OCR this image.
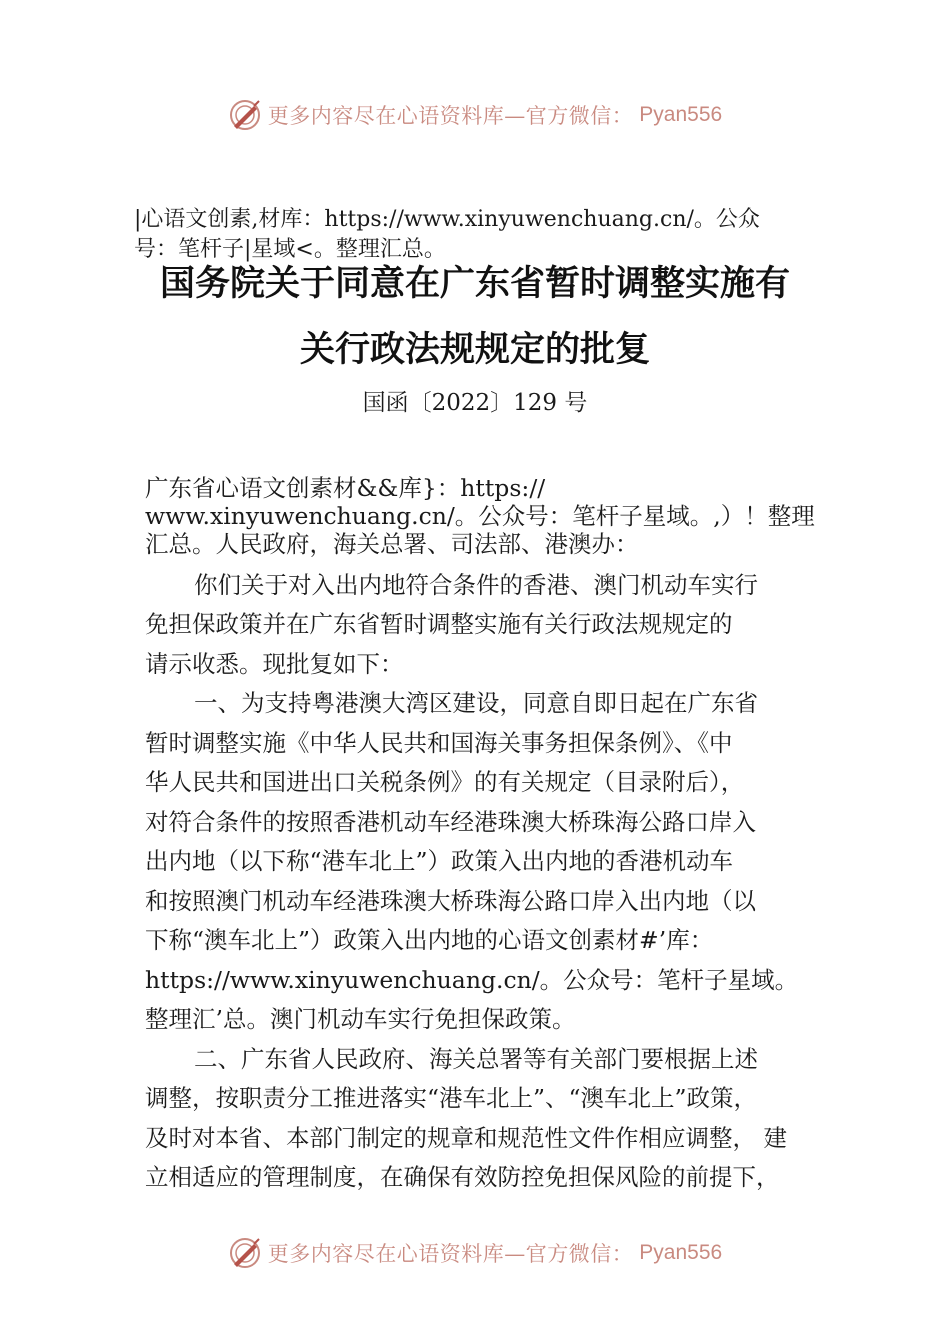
更多内容尽在心语资料库—官方微信： Pyan556
|心语文创素,材库：https://www.xinyuwenchuang.cn/。公众
号：笔杆子|星域<。整理汇总。
国务院关于同意在广东省暂时调整实施有
关行政法规规定的批复
国函〔2022〕129 号
广东省心语文创素材&&库}：https://
www.xinyuwenchuang.cn/。公众号：笔杆子星域。,）！整理
汇总。人民政府，海关总署、司法部、港澳办：
你们关于对入出内地符合条件的香港、澳门机动车实行
免担保政策并在广东省暂时调整实施有关行政法规规定的
请示收悉。现批复如下：
一、为支持粤港澳大湾区建设，同意自即日起在广东省
暂时调整实施《中华人民共和国海关事务担保条例》、《中
华人民共和国进出口关税条例》的有关规定（目录附后），
对符合条件的按照香港机动车经港珠澳大桥珠海公路口岸入
出内地（以下称“港车北上”）政策入出内地的香港机动车
和按照澳门机动车经港珠澳大桥珠海公路口岸入出内地（以
下称“澳车北上”）政策入出内地的心语文创素材#’库：
https://www.xinyuwenchuang.cn/。公众号：笔杆子星域。
整理汇’总。澳门机动车实行免担保政策。
二、广东省人民政府、海关总署等有关部门要根据上述
调整，按职责分工推进落实“港车北上”、“澳车北上”政策，
及时对本省、本部门制定的规章和规范性文件作相应调整， 建
立相适应的管理制度，在确保有效防控免担保风险的前提下，
更多内容尽在心语资料库—官方微信： Pyan556
